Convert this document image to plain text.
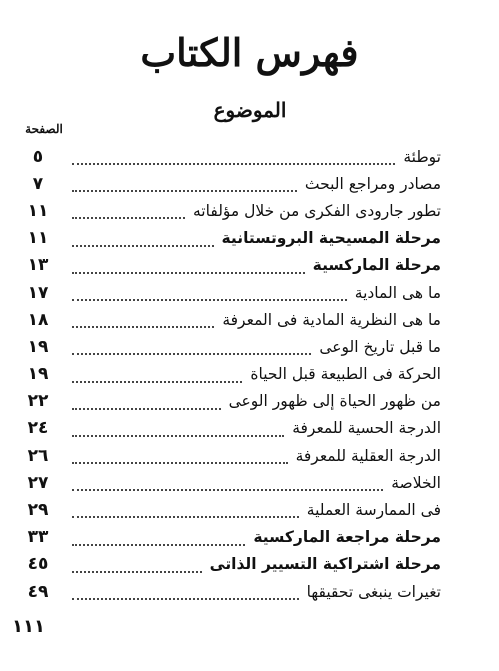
فهرس الكتاب
الموضوع
الصفحة
توطئة
٥
مصادر ومراجع البحث
٧
تطور جارودى الفكرى من خلال مؤلفاته
١١
مرحلة المسيحية البروتستانية
١١
مرحلة الماركسية
١٣
ما هى المادية
١٧
ما هى النظرية المادية فى المعرفة
١٨
ما قبل تاريخ الوعى
١٩
الحركة فى الطبيعة قبل الحياة
١٩
من ظهور الحياة إلى ظهور الوعى
٢٢
الدرجة الحسية للمعرفة
٢٤
الدرجة العقلية للمعرفة
٢٦
الخلاصة
٢٧
فى الممارسة العملية
٢٩
مرحلة مراجعة الماركسية
٣٣
مرحلة اشتراكية التسيير الذاتى
٤٥
تغيرات ينبغى تحقيقها
٤٩
١١١
